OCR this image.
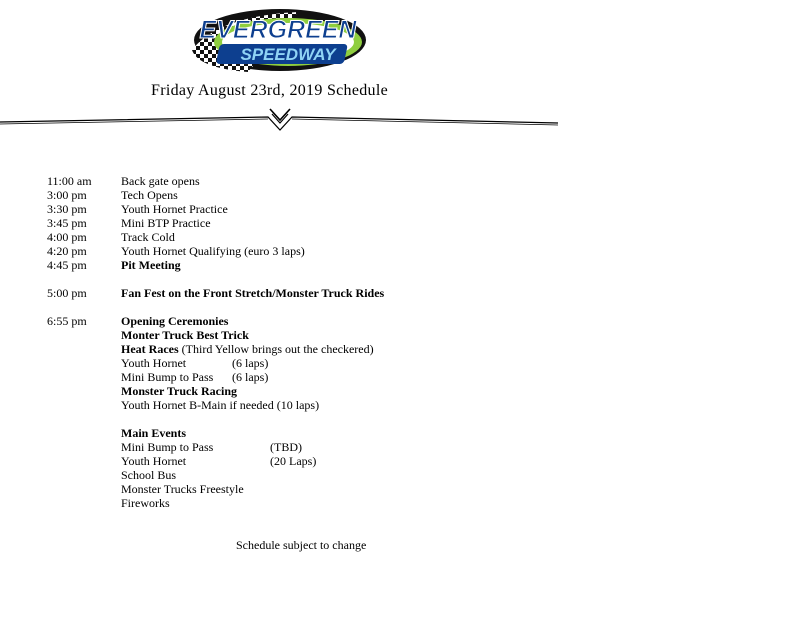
EVERGREEN
SPEEDWAY
Friday August 23rd, 2019 Schedule
11:00 am Back gate opens
3:00 pm	Tech Opens
3:30 pm	Youth Hornet Practice
3:45 pm	Mini BTP Practice
4:00 pm	Track Cold
4:20 pm	Youth Hornet Qualifying (euro 3 laps)
4:45 pm	Pit Meeting
5:00 pm	Fan Fest on the Front Stretch/Monster Truck Rides
6:55 pm	Opening Ceremonies
Monter Truck Best Trick
Heat Races (Third Yellow brings out the checkered)
Youth Hornet	(6 laps)
Mini Bump to Pass (6 laps)
Monster Truck Racing
Youth Hornet B-Main if needed (10 laps)
Main Events
Mini Bump to Pass	(TBD)
Youth Hornet	(20 Laps)
School Bus
Monster Trucks Freestyle
Fireworks
Schedule subject to change
